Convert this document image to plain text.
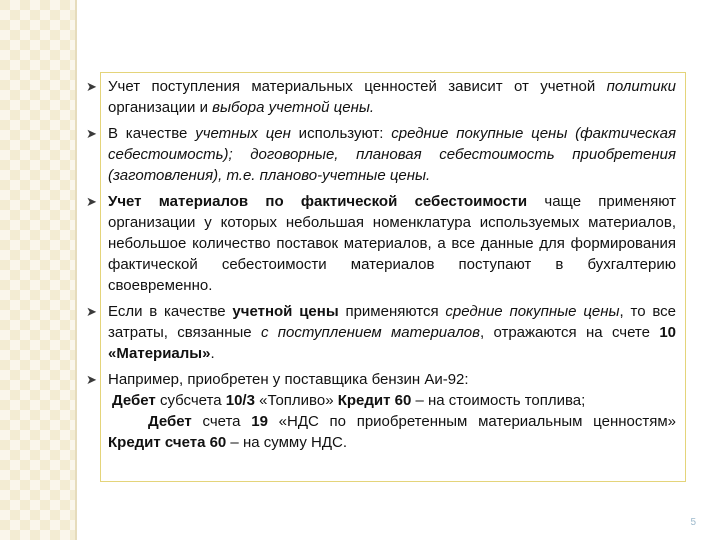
➤ Учет поступления материальных ценностей зависит от учетной политики организации и выбора учетной цены.
➤ В качестве учетных цен используют: средние покупные цены (фактическая себестоимость); договорные, плановая себестоимость приобретения (заготовления), т.е. планово-учетные цены.
➤ Учет материалов по фактической себестоимости чаще применяют организации у которых небольшая номенклатура используемых материалов, небольшое количество поставок материалов, а все данные для формирования фактической себестоимости материалов поступают в бухгалтерию своевременно.
➤ Если в качестве учетной цены применяются средние покупные цены, то все затраты, связанные с поступлением материалов, отражаются на счете 10 «Материалы».
➤ Например, приобретен у поставщика бензин Аи-92:
Дебет субсчета 10/3 «Топливо» Кредит 60 – на стоимость топлива;
Дебет счета 19 «НДС по приобретенным материальным ценностям» Кредит счета 60 – на сумму НДС.
5
